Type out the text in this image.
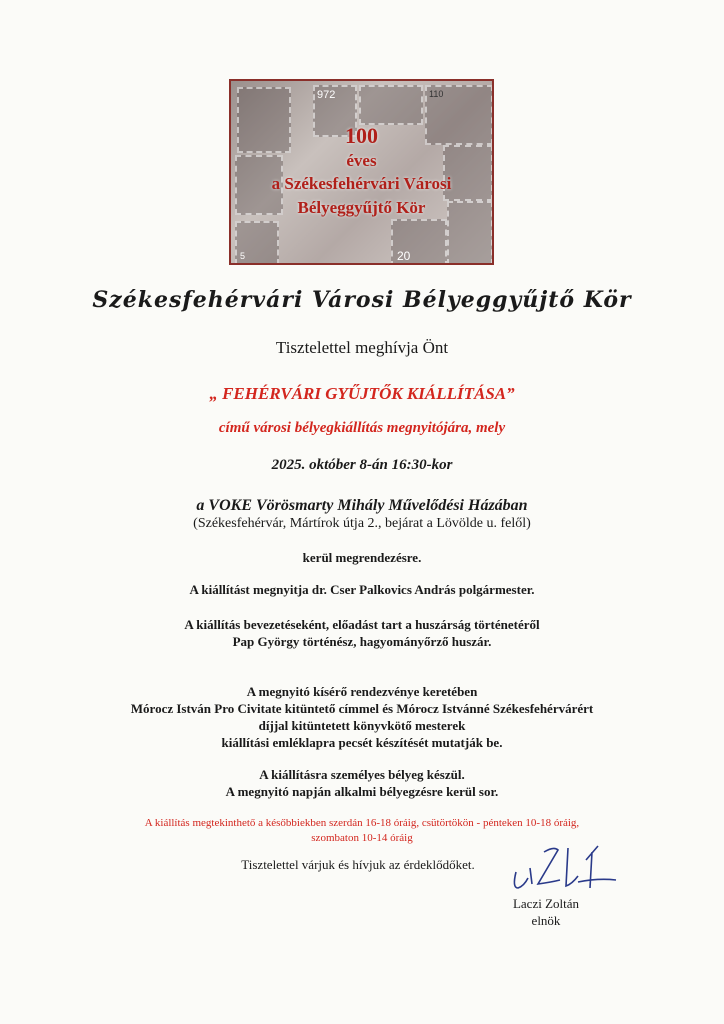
972	110
5	20
100
éves
a Székesfehérvári Városi
Bélyeggyűjtő Kör
Székesfehérvári Városi Bélyeggyűjtő Kör
Tisztelettel meghívja Önt
„ FEHÉRVÁRI GYŰJTŐK KIÁLLÍTÁSA”
című városi bélyegkiállítás megnyitójára, mely
2025. október 8-án 16:30-kor
a VOKE Vörösmarty Mihály Művelődési Házában
(Székesfehérvár, Mártírok útja 2., bejárat a Lövölde u. felől)
kerül megrendezésre.
A kiállítást megnyitja dr. Cser Palkovics András polgármester.
A kiállítás bevezetéseként, előadást tart a huszárság történetéről
Pap György történész, hagyományőrző huszár.
A megnyitó kísérő rendezvénye keretében
Mórocz István Pro Civitate kitüntető címmel és Mórocz Istvánné Székesfehérvárért
díjjal kitüntetett könyvkötő mesterek
kiállítási emléklapra pecsét készítését mutatják be.
A kiállításra személyes bélyeg készül.
A megnyitó napján alkalmi bélyegzésre kerül sor.
A kiállítás megtekinthető a későbbiekben szerdán 16-18 óráig, csütörtökön - pénteken 10-18 óráig,
szombaton 10-14 óráig
Tisztelettel várjuk és hívjuk az érdeklődőket.
Laczi Zoltán
elnök
